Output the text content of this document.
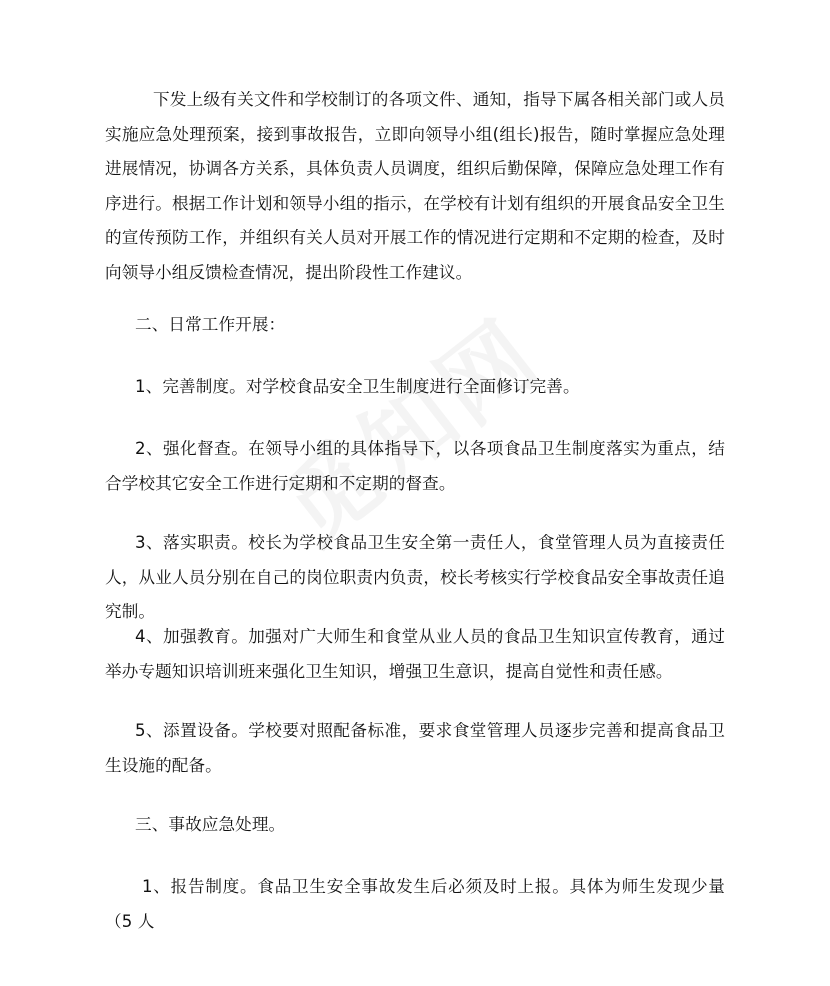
下发上级有关文件和学校制订的各项文件、通知，指导下属各相关部门或人员实施应急处理预案，接到事故报告，立即向领导小组(组长)报告，随时掌握应急处理进展情况，协调各方关系，具体负责人员调度，组织后勤保障，保障应急处理工作有序进行。根据工作计划和领导小组的指示，在学校有计划有组织的开展食品安全卫生的宣传预防工作，并组织有关人员对开展工作的情况进行定期和不定期的检查，及时向领导小组反馈检查情况，提出阶段性工作建议。

二、日常工作开展：

1、完善制度。对学校食品安全卫生制度进行全面修订完善。

2、强化督查。在领导小组的具体指导下，以各项食品卫生制度落实为重点，结合学校其它安全工作进行定期和不定期的督查。

3、落实职责。校长为学校食品卫生安全第一责任人，食堂管理人员为直接责任人，从业人员分别在自己的岗位职责内负责，校长考核实行学校食品安全事故责任追究制。

4、加强教育。加强对广大师生和食堂从业人员的食品卫生知识宣传教育，通过举办专题知识培训班来强化卫生知识，增强卫生意识，提高自觉性和责任感。

5、添置设备。学校要对照配备标准，要求食堂管理人员逐步完善和提高食品卫生设施的配备。

三、事故应急处理。

1、报告制度。食品卫生安全事故发生后必须及时上报。具体为师生发现少量（5 人
